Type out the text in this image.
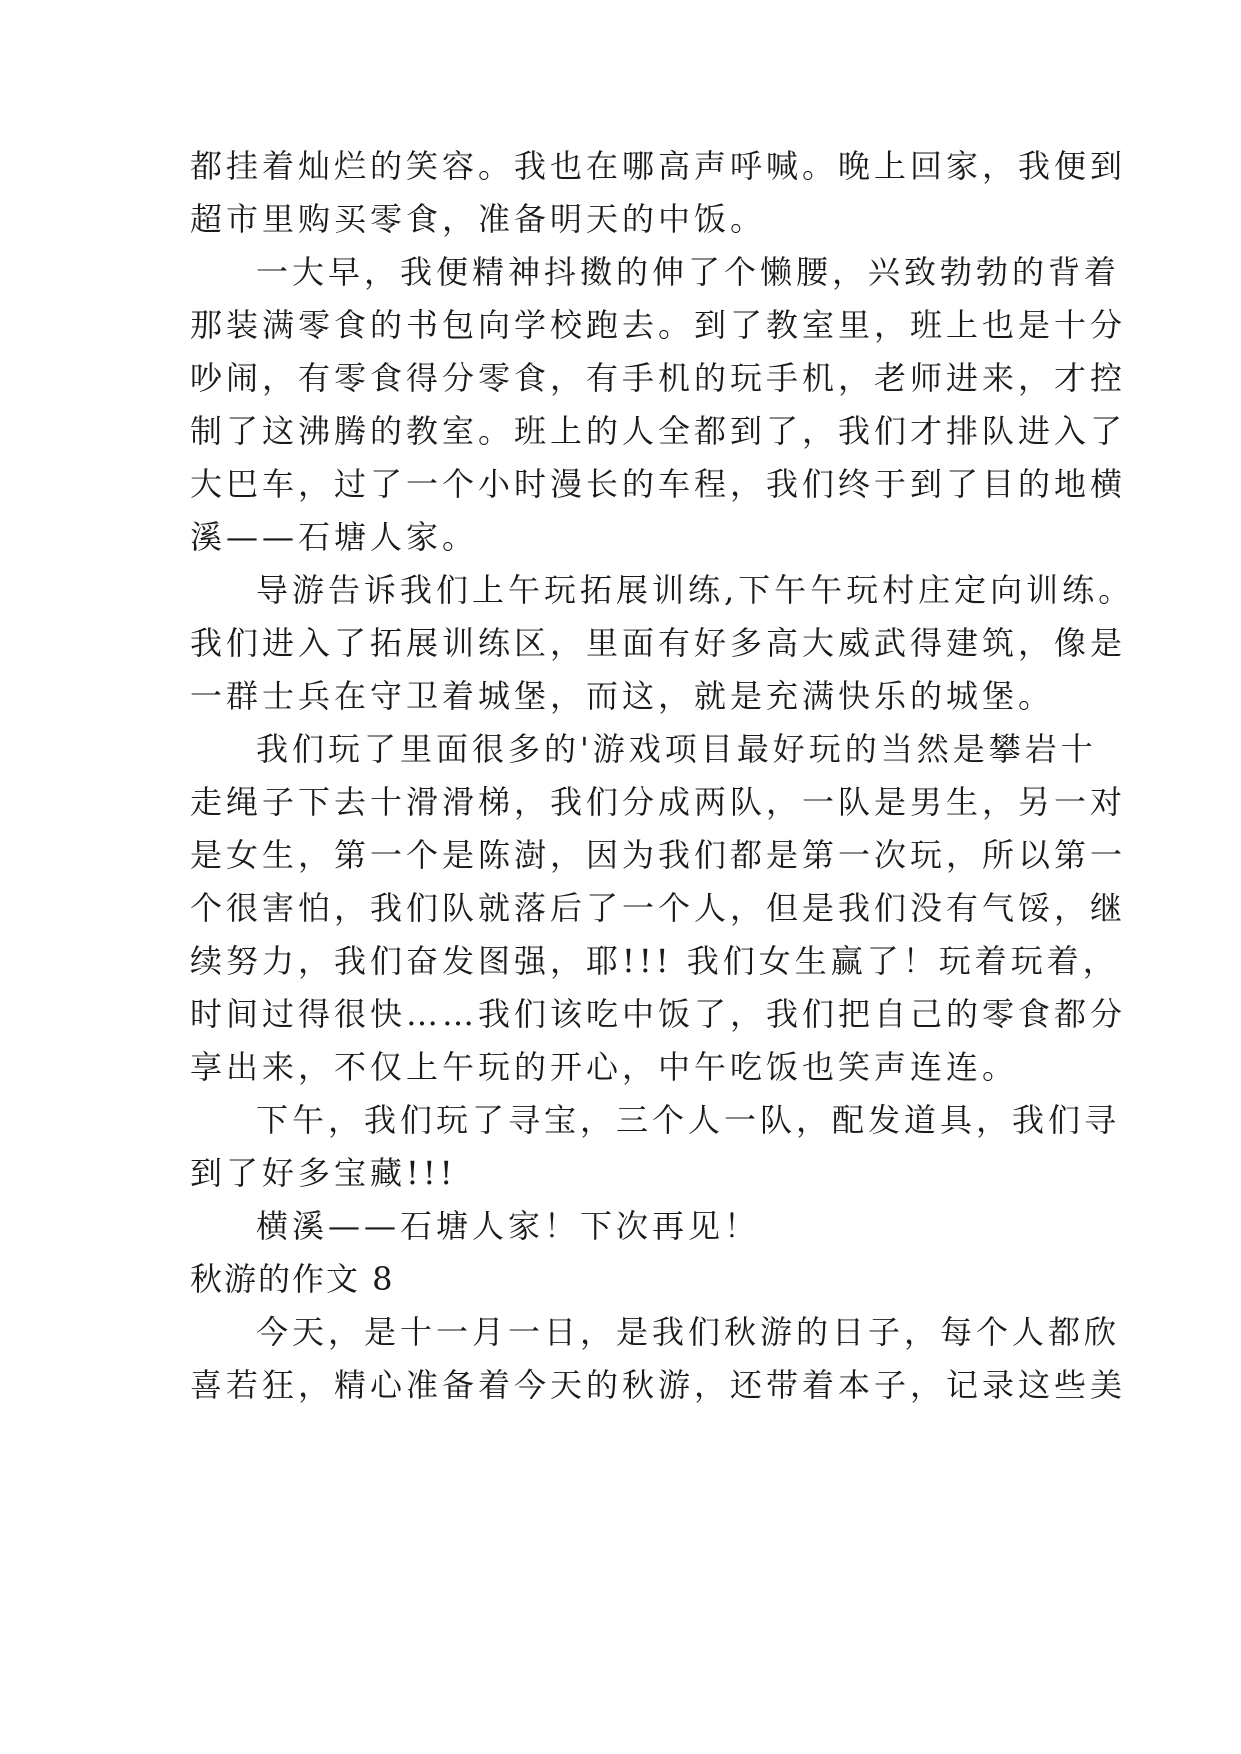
都挂着灿烂的笑容。我也在哪高声呼喊。晚上回家，我便到
超市里购买零食，准备明天的中饭。
一大早，我便精神抖擞的伸了个懒腰，兴致勃勃的背着
那装满零食的书包向学校跑去。到了教室里，班上也是十分
吵闹，有零食得分零食，有手机的玩手机，老师进来，才控
制了这沸腾的教室。班上的人全都到了，我们才排队进入了
大巴车，过了一个小时漫长的车程，我们终于到了目的地横
溪——石塘人家。
导游告诉我们上午玩拓展训练,下午午玩村庄定向训练。
我们进入了拓展训练区，里面有好多高大威武得建筑，像是
一群士兵在守卫着城堡，而这，就是充满快乐的城堡。
我们玩了里面很多的'游戏项目最好玩的当然是攀岩十
走绳子下去十滑滑梯，我们分成两队，一队是男生，另一对
是女生，第一个是陈澍，因为我们都是第一次玩，所以第一
个很害怕，我们队就落后了一个人，但是我们没有气馁，继
续努力，我们奋发图强，耶!!! 我们女生赢了！玩着玩着，
时间过得很快……我们该吃中饭了，我们把自己的零食都分
享出来，不仅上午玩的开心，中午吃饭也笑声连连。
下午，我们玩了寻宝，三个人一队，配发道具，我们寻
到了好多宝藏!!!
横溪——石塘人家！下次再见！
秋游的作文 8
今天，是十一月一日，是我们秋游的日子，每个人都欣
喜若狂，精心准备着今天的秋游，还带着本子，记录这些美
